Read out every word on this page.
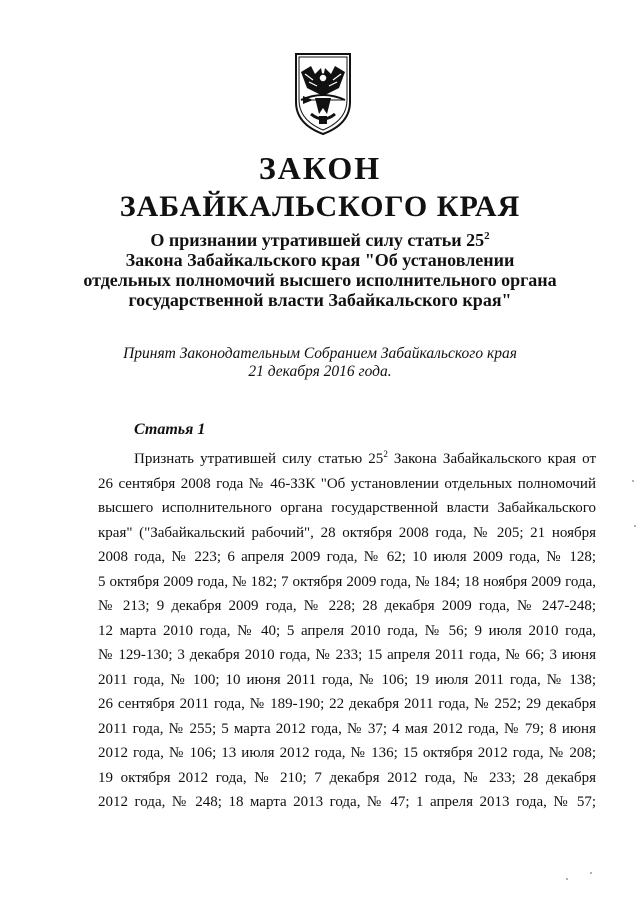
ЗАКОН
ЗАБАЙКАЛЬСКОГО КРАЯ
О признании утратившей силу статьи $25^2$
Закона Забайкальского края "Об установлении
отдельных полномочий высшего исполнительного органа
государственной власти Забайкальского края"
Принят Законодательным Собранием Забайкальского края
21 декабря 2016 года.
Статья 1
Признать утратившей силу статью $25^2$ Закона Забайкальского края от
26 сентября 2008 года № 46-ЗЗК "Об установлении отдельных полномочий
высшего исполнительного органа государственной власти Забайкальского
края" ("Забайкальский рабочий", 28 октября 2008 года, № 205; 21 ноября
2008 года, № 223; 6 апреля 2009 года, № 62; 10 июля 2009 года, № 128;
5 октября 2009 года, № 182; 7 октября 2009 года, № 184; 18 ноября 2009 года,
№ 213; 9 декабря 2009 года, № 228; 28 декабря 2009 года, № 247-248;
12 марта 2010 года, № 40; 5 апреля 2010 года, № 56; 9 июля 2010 года,
№ 129-130; 3 декабря 2010 года, № 233; 15 апреля 2011 года, № 66; 3 июня
2011 года, № 100; 10 июня 2011 года, № 106; 19 июля 2011 года, № 138;
26 сентября 2011 года, № 189-190; 22 декабря 2011 года, № 252; 29 декабря
2011 года, № 255; 5 марта 2012 года, № 37; 4 мая 2012 года, № 79; 8 июня
2012 года, № 106; 13 июля 2012 года, № 136; 15 октября 2012 года, № 208;
19 октября 2012 года, № 210; 7 декабря 2012 года, № 233; 28 декабря
2012 года, № 248; 18 марта 2013 года, № 47; 1 апреля 2013 года, № 57;
